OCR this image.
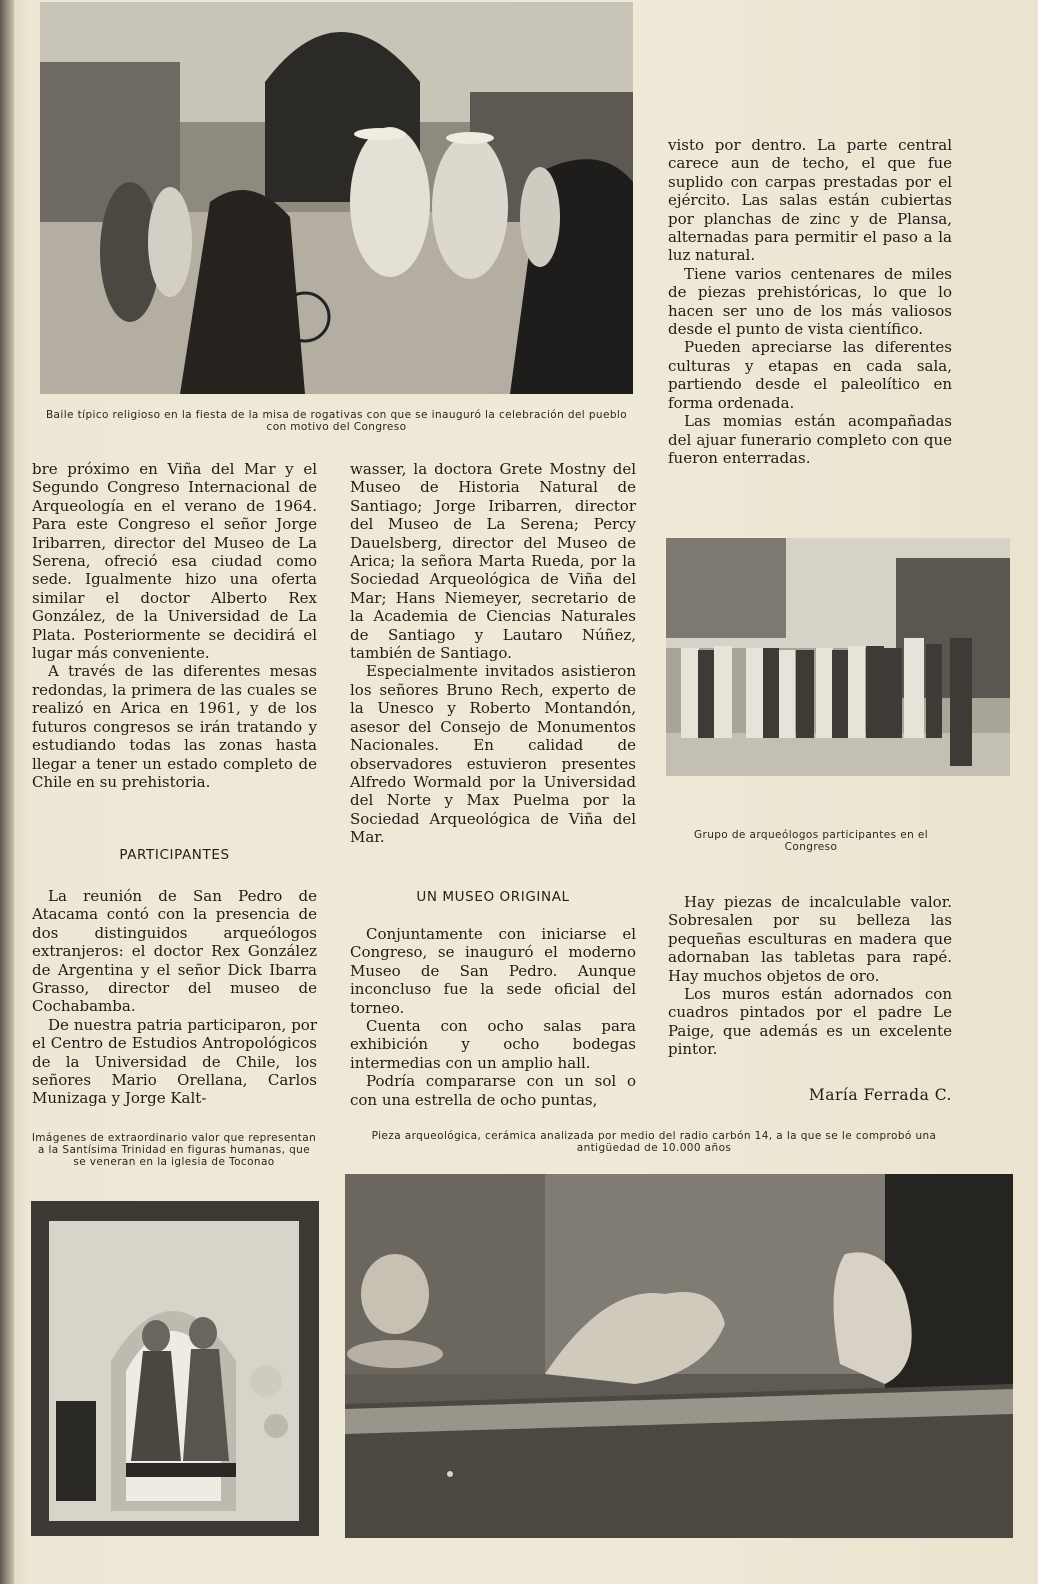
Baile típico religioso en la fiesta de la misa de rogativas con que se inauguró la celebración del pueblo con motivo del Congreso

bre próximo en Viña del Mar y el Segundo Congreso Internacional de Arqueología en el verano de 1964. Para este Congreso el señor Jorge Iribarren, director del Museo de La Serena, ofreció esa ciudad como sede. Igualmente hizo una oferta similar el doctor Alberto Rex González, de la Universidad de La Plata. Posteriormente se decidirá el lugar más conveniente.

A través de las diferentes mesas redondas, la primera de las cuales se realizó en Arica en 1961, y de los futuros congresos se irán tratando y estudiando todas las zonas hasta llegar a tener un estado completo de Chile en su prehistoria.

PARTICIPANTES

La reunión de San Pedro de Atacama contó con la presencia de dos distinguidos arqueólogos extranjeros: el doctor Rex González de Argentina y el señor Dick Ibarra Grasso, director del museo de Cochabamba.

De nuestra patria participaron, por el Centro de Estudios Antropológicos de la Universidad de Chile, los señores Mario Orellana, Carlos Munizaga y Jorge Kalt-

wasser, la doctora Grete Mostny del Museo de Historia Natural de Santiago; Jorge Iribarren, director del Museo de La Serena; Percy Dauelsberg, director del Museo de Arica; la señora Marta Rueda, por la Sociedad Arqueológica de Viña del Mar; Hans Niemeyer, secretario de la Academia de Ciencias Naturales de Santiago y Lautaro Núñez, también de Santiago.

Especialmente invitados asistieron los señores Bruno Rech, experto de la Unesco y Roberto Montandón, asesor del Consejo de Monumentos Nacionales. En calidad de observadores estuvieron presentes Alfredo Wormald por la Universidad del Norte y Max Puelma por la Sociedad Arqueológica de Viña del Mar.

UN MUSEO ORIGINAL

Conjuntamente con iniciarse el Congreso, se inauguró el moderno Museo de San Pedro. Aunque inconcluso fue la sede oficial del torneo.

Cuenta con ocho salas para exhibición y ocho bodegas intermedias con un amplio hall.

Podría compararse con un sol o con una estrella de ocho puntas,

visto por dentro. La parte central carece aun de techo, el que fue suplido con carpas prestadas por el ejército. Las salas están cubiertas por planchas de zinc y de Plansa, alternadas para permitir el paso a la luz natural.

Tiene varios centenares de miles de piezas prehistóricas, lo que lo hacen ser uno de los más valiosos desde el punto de vista científico.

Pueden apreciarse las diferentes culturas y etapas en cada sala, partiendo desde el paleolítico en forma ordenada.

Las momias están acompañadas del ajuar funerario completo con que fueron enterradas.

Grupo de arqueólogos participantes en el Congreso

Hay piezas de incalculable valor. Sobresalen por su belleza las pequeñas esculturas en madera que adornaban las tabletas para rapé. Hay muchos objetos de oro.

Los muros están adornados con cuadros pintados por el padre Le Paige, que además es un excelente pintor.

María Ferrada C.
Imágenes de extraordinario valor que representan a la Santísima Trinidad en figuras humanas, que se veneran en la iglesia de Toconao
Pieza arqueológica, cerámica analizada por medio del radio carbón 14, a la que se le comprobó una antigüedad de 10.000 años
